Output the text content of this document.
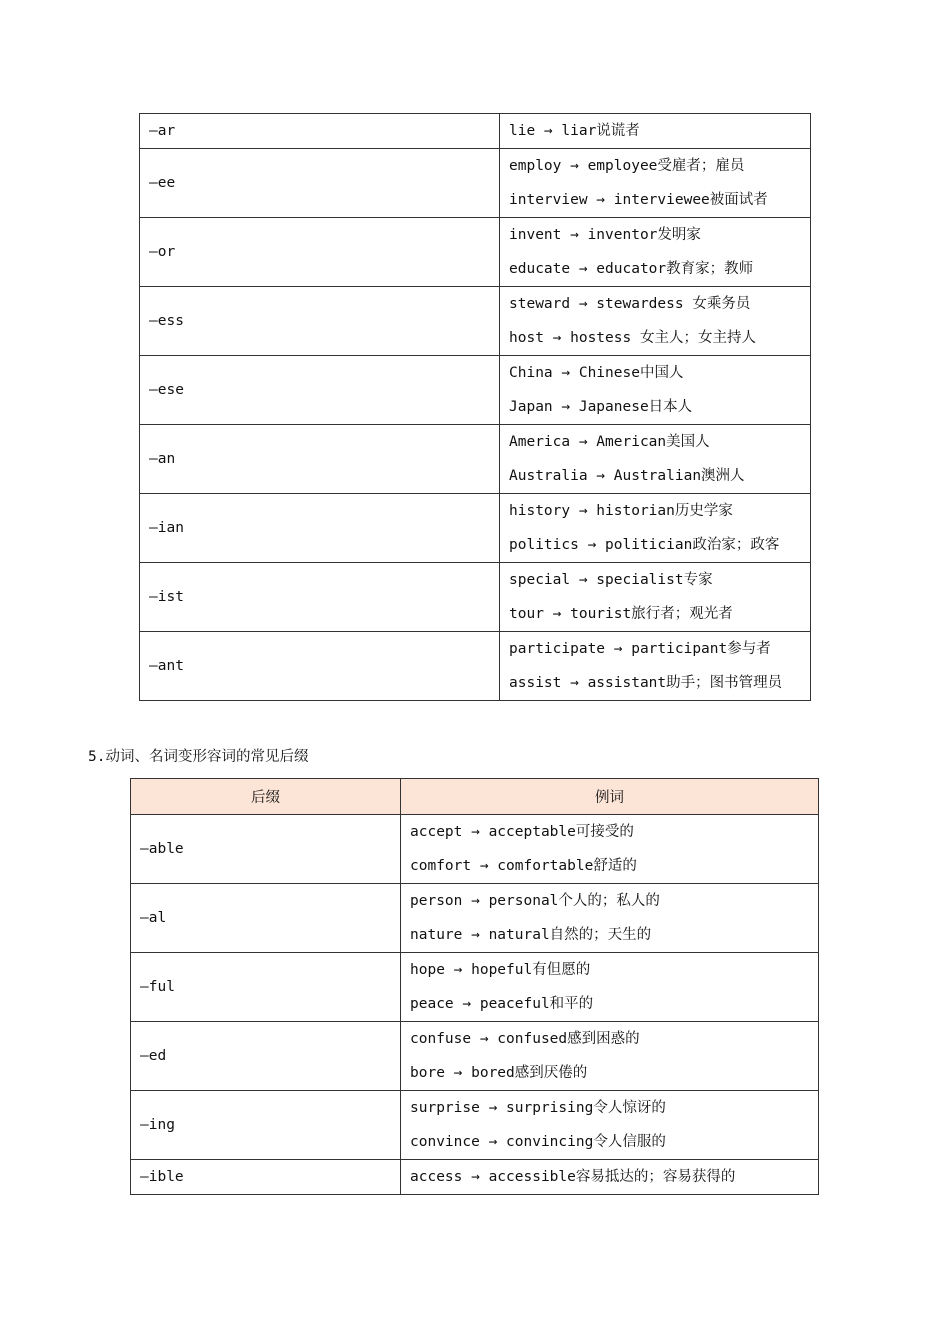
—ar	lie → liar说谎者

—ee	employ → employee受雇者；雇员
interview → interviewee被面试者

—or	invent → inventor发明家
educate → educator教育家；教师

—ess	steward → stewardess 女乘务员
host → hostess 女主人；女主持人

—ese	China → Chinese中国人
Japan → Japanese日本人

—an	America → American美国人
Australia → Australian澳洲人

—ian	history → historian历史学家
politics → politician政治家；政客

—ist	special → specialist专家
tour → tourist旅行者；观光者

—ant	participate → participant参与者
assist → assistant助手；图书管理员
5.动词、名词变形容词的常见后缀
后缀	例词
—able	accept → acceptable可接受的
comfort → comfortable舒适的

—al	person → personal个人的；私人的
nature → natural自然的；天生的

—ful	hope → hopeful有但愿的
peace → peaceful和平的

—ed	confuse → confused感到困惑的
bore → bored感到厌倦的

—ing	surprise → surprising令人惊讶的
convince → convincing令人信服的

—ible	access → accessible容易抵达的；容易获得的
